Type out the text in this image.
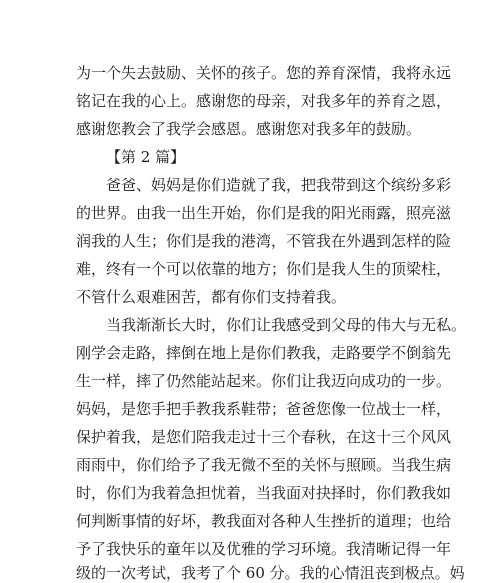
为一个失去鼓励、关怀的孩子。您的养育深情，我将永远
铭记在我的心上。感谢您的母亲，对我多年的养育之恩，
感谢您教会了我学会感恩。感谢您对我多年的鼓励。
【第 2 篇】
爸爸、妈妈是你们造就了我，把我带到这个缤纷多彩
的世界。由我一出生开始，你们是我的阳光雨露，照亮滋
润我的人生；你们是我的港湾，不管我在外遇到怎样的险
难，终有一个可以依靠的地方；你们是我人生的顶梁柱，
不管什么艰难困苦，都有你们支持着我。
当我渐渐长大时，你们让我感受到父母的伟大与无私。
刚学会走路，摔倒在地上是你们教我，走路要学不倒翁先
生一样，摔了仍然能站起来。你们让我迈向成功的一步。
妈妈，是您手把手教我系鞋带；爸爸您像一位战士一样，
保护着我，是您们陪我走过十三个春秋，在这十三个风风
雨雨中，你们给予了我无微不至的关怀与照顾。当我生病
时，你们为我着急担忧着，当我面对抉择时，你们教我如
何判断事情的好坏，教我面对各种人生挫折的道理；也给
予了我快乐的童年以及优雅的学习环境。我清晰记得一年
级的一次考试，我考了个 60 分。我的心情沮丧到极点。妈
